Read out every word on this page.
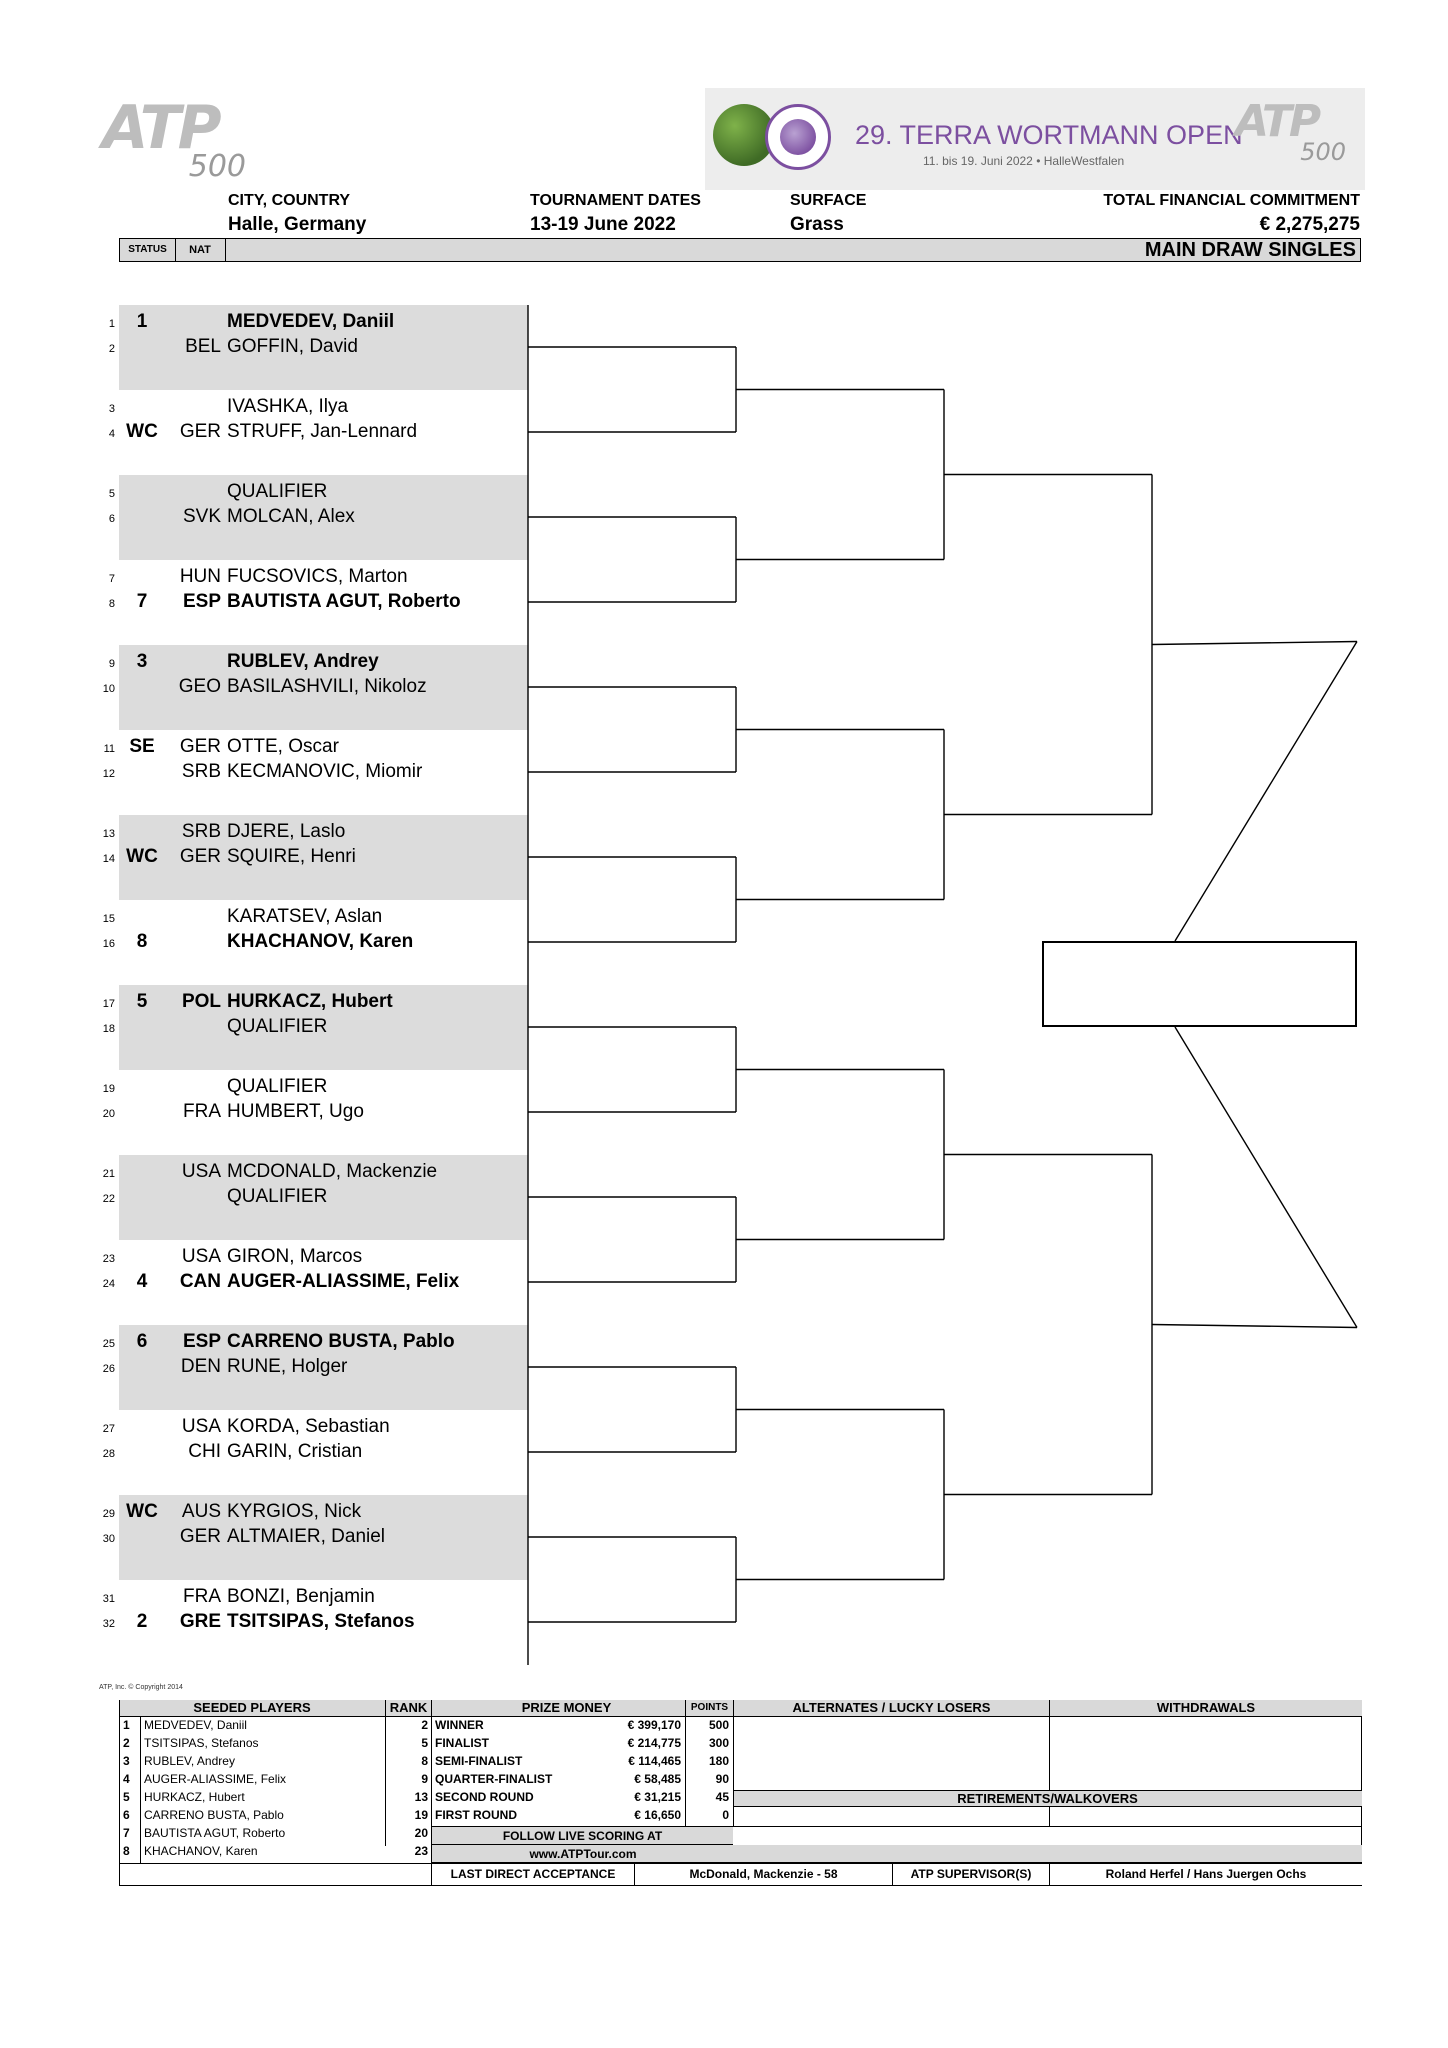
ATP
500
29. TERRA WORTMANN OPEN
11. bis 19. Juni 2022 • HalleWestfalen
ATP
500
CITY, COUNTRY
Halle, Germany
TOURNAMENT DATES
13-19 June 2022
SURFACE
Grass
TOTAL FINANCIAL COMMITMENT
€ 2,275,275
STATUS	NAT	MAIN DRAW SINGLES
1	1	MEDVEDEV, Daniil
2	BEL GOFFIN, David
3	IVASHKA, Ilya
4 WC	GER STRUFF, Jan-Lennard
5	QUALIFIER
6	SVK MOLCAN, Alex
7	HUN FUCSOVICS, Marton
8	7	ESP BAUTISTA AGUT, Roberto
9	3	RUBLEV, Andrey
10	GEO BASILASHVILI, Nikoloz
11 SE	GER OTTE, Oscar
12	SRB KECMANOVIC, Miomir
13	SRB DJERE, Laslo
14 WC	GER SQUIRE, Henri
15	KARATSEV, Aslan
16	8	KHACHANOV, Karen
17	5	POL HURKACZ, Hubert
18	QUALIFIER
19	QUALIFIER
20	FRA HUMBERT, Ugo
21	USA MCDONALD, Mackenzie
22	QUALIFIER
23	USA GIRON, Marcos
24	4	CAN AUGER-ALIASSIME, Felix
25	6	ESP CARRENO BUSTA, Pablo
26	DEN RUNE, Holger
27	USA KORDA, Sebastian
28	CHI GARIN, Cristian
29 WC	AUS KYRGIOS, Nick
30	GER ALTMAIER, Daniel
31	FRA BONZI, Benjamin
32	2	GRE TSITSIPAS, Stefanos
ATP, Inc. © Copyright 2014
SEEDED PLAYERS	RANK
1 MEDVEDEV, Daniil	2
2 TSITSIPAS, Stefanos	5
3 RUBLEV, Andrey	8
4 AUGER-ALIASSIME, Felix	9
5 HURKACZ, Hubert	13
6 CARRENO BUSTA, Pablo	19
7 BAUTISTA AGUT, Roberto	20
8 KHACHANOV, Karen	23
PRIZE MONEY	POINTS
WINNER	€ 399,170	500
FINALIST	€ 214,775	300
SEMI-FINALIST	€ 114,465	180
QUARTER-FINALIST	€ 58,485	90
SECOND ROUND	€ 31,215	45
FIRST ROUND	€ 16,650	0
ALTERNATES / LUCKY LOSERS	WITHDRAWALS
RETIREMENTS/WALKOVERS
FOLLOW LIVE SCORING AT
www.ATPTour.com
LAST DIRECT ACCEPTANCE	McDonald, Mackenzie - 58	ATP SUPERVISOR(S)	Roland Herfel / Hans Juergen Ochs
